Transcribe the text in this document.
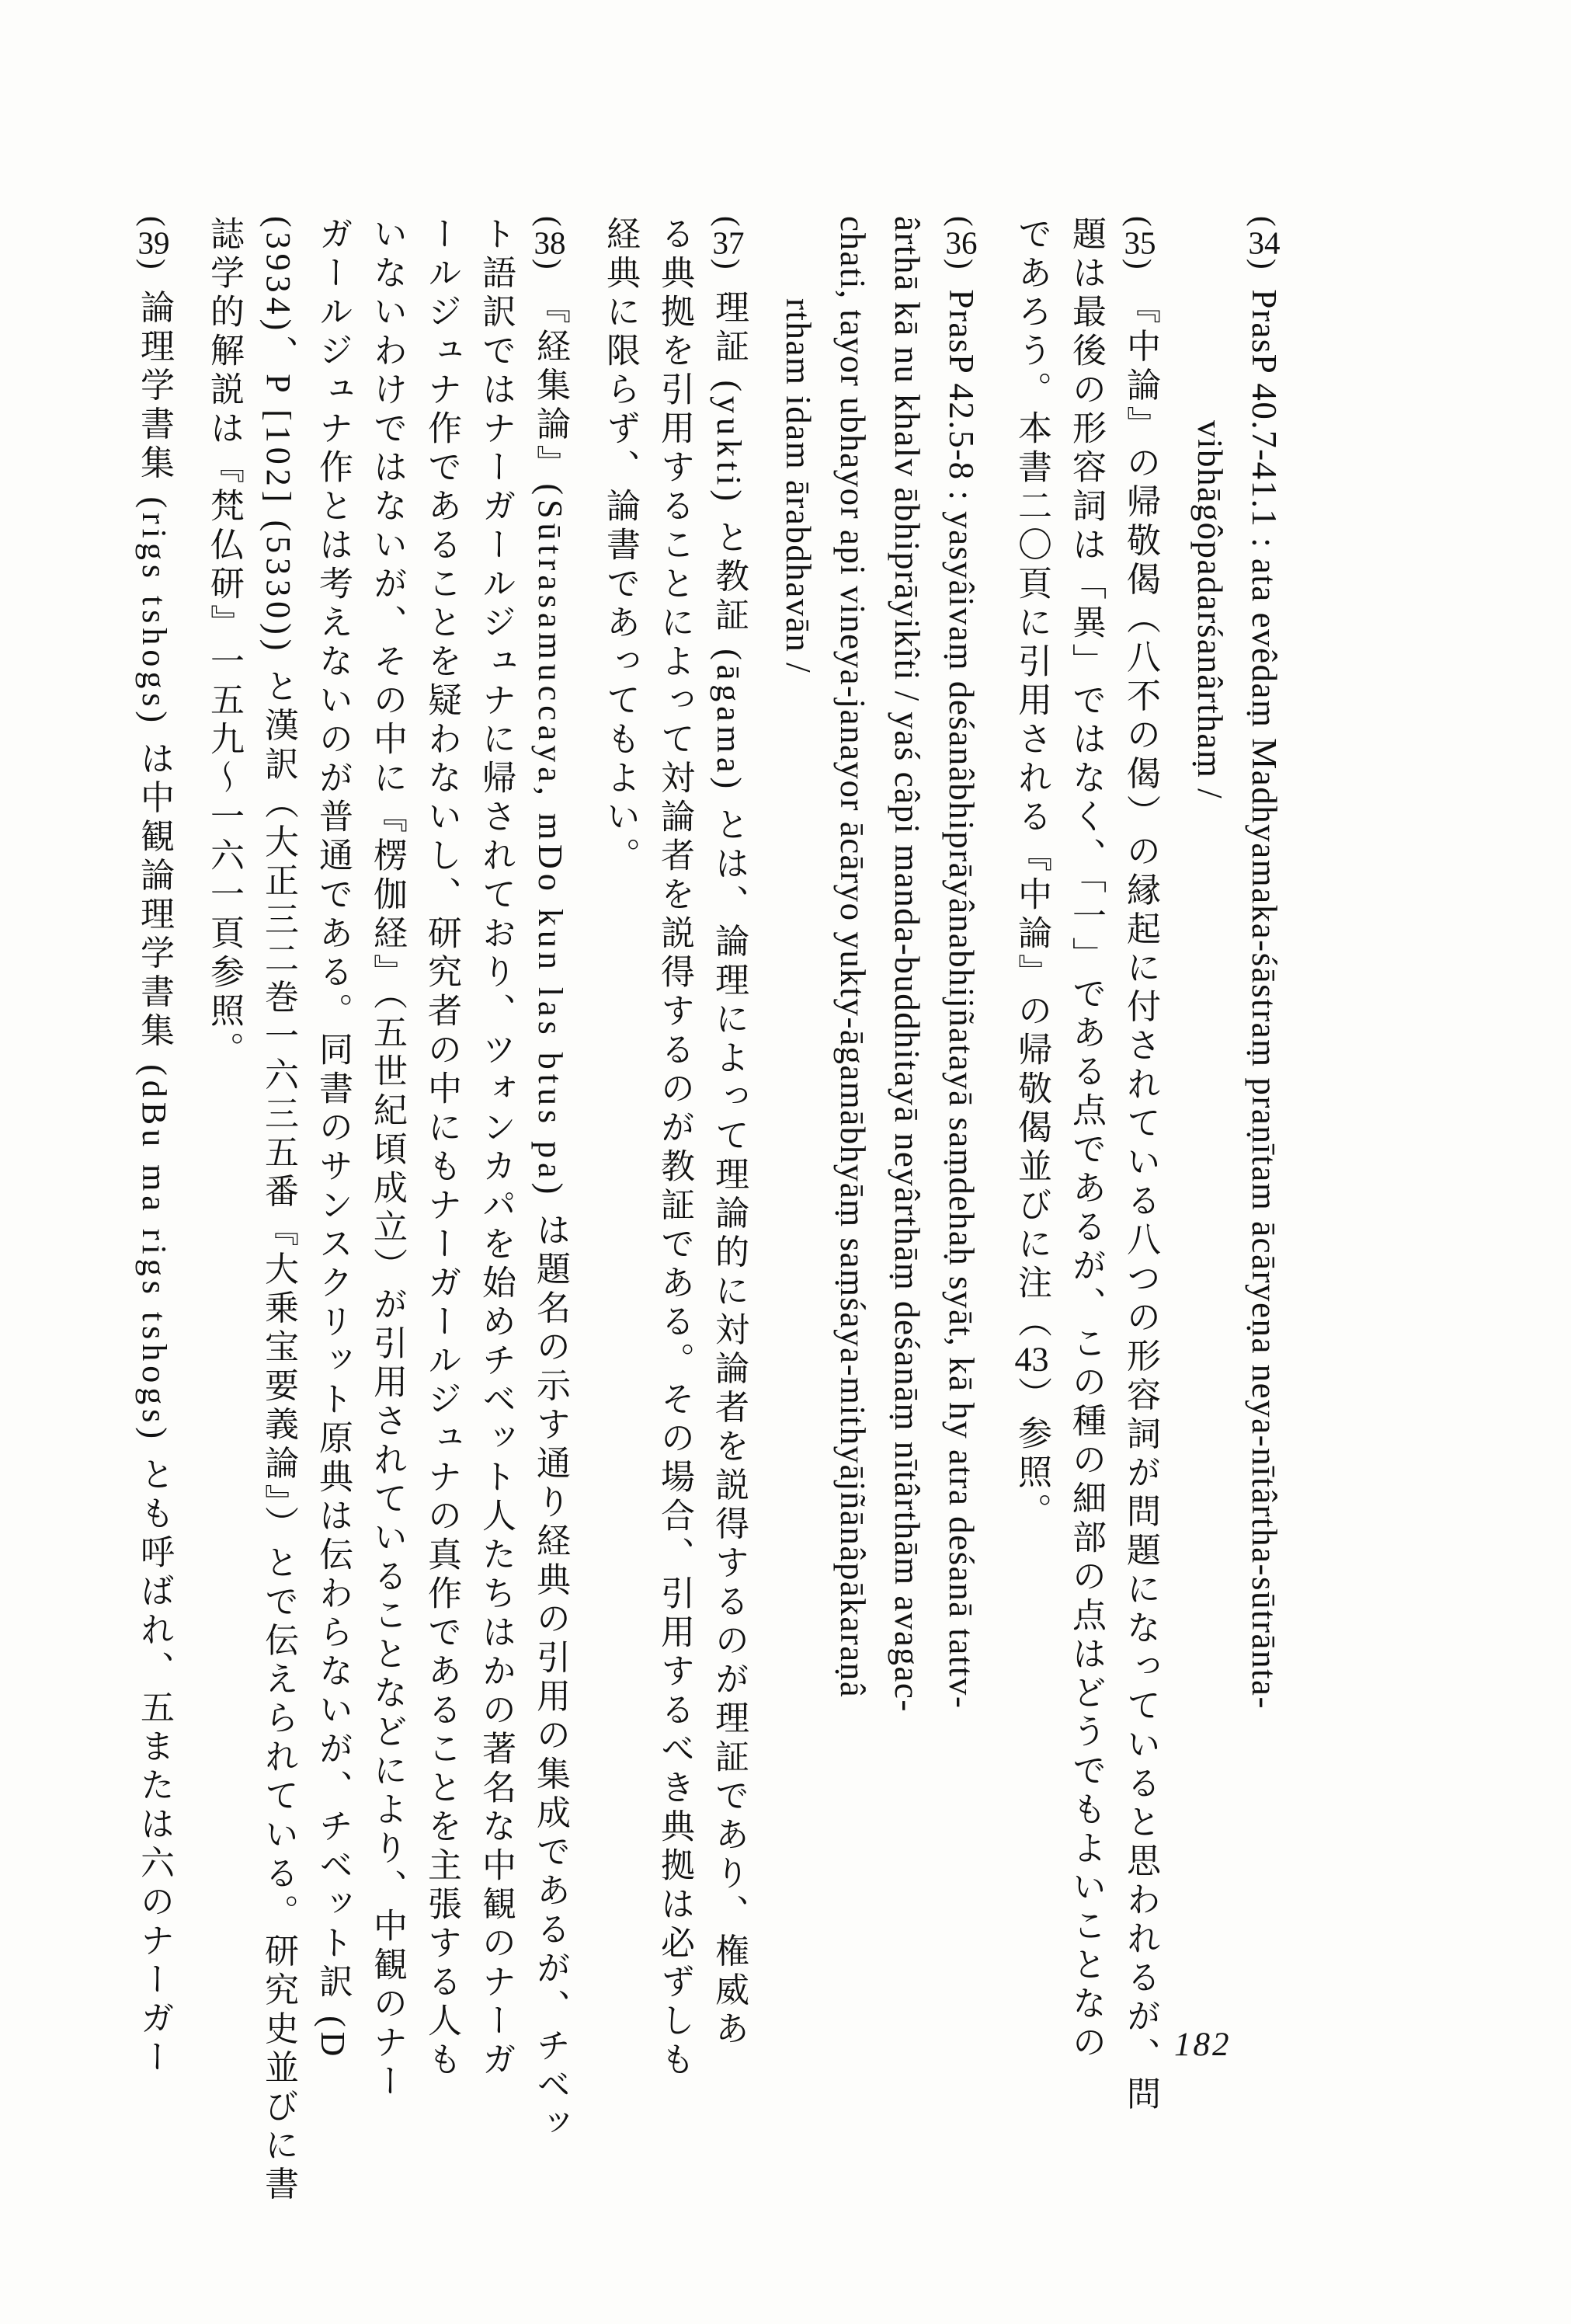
( 34 )PrasP 40.7-41.1 : ata evêdaṃ Madhyamaka-śāstraṃ praṇītam ācāryeṇa neya-nītârtha-sūtrānta-

vibhāgôpadarśanârthaṃ /

( 35 )『中論』の帰敬偈（八不の偈）の縁起に付されている八つの形容詞が問題になっていると思われるが、問

題は最後の形容詞は「異」ではなく、「一」である点であるが、この種の細部の点はどうでもよいことなの

であろう。本書二〇頁に引用される『中論』の帰敬偈並びに注（43）参照。

( 36 )PrasP 42.5-8 : yasyâivaṃ deśanâbhiprāyânabhijñatayā saṃdehaḥ syāt, kā hy atra deśanā tattv-

ârthā kā nu khalv ābhiprāyikîti / yaś câpi manda-buddhitayā neyârthāṃ deśanāṃ nītârthām avagac-

chati, tayor ubhayor api vineya-janayor ācāryo yukty-āgamābhyāṃ saṃśaya-mithyājñānâpākaraṇâ

rtham idam ārabdhavān /

( 37 )理証 (yukti) と教証 (āgama) とは、論理によって理論的に対論者を説得するのが理証であり、権威あ

る典拠を引用することによって対論者を説得するのが教証である。その場合、引用するべき典拠は必ずしも

経典に限らず、論書であってもよい。

( 38 )『経集論』(Sūtrasamuccaya, mDo kun las btus pa) は題名の示す通り経典の引用の集成であるが、チベッ

ト語訳ではナーガールジュナに帰されており、ツォンカパを始めチベット人たちはかの著名な中観のナーガ

ールジュナ作であることを疑わないし、研究者の中にもナーガールジュナの真作であることを主張する人も

いないわけではないが、その中に『楞伽経』（五世紀頃成立）が引用されていることなどにより、中観のナー

ガールジュナ作とは考えないのが普通である。同書のサンスクリット原典は伝わらないが、チベット訳 (D

(3934)、P [102] (5330)) と漢訳（大正三二巻一六三五番『大乗宝要義論』）とで伝えられている。研究史並びに書

誌学的解説は『梵仏研』一五九～一六一頁参照。

( 39 )論理学書集 (rigs tshogs) は中観論理学書集 (dBu ma rigs tshogs) とも呼ばれ、五または六のナーガー	182
